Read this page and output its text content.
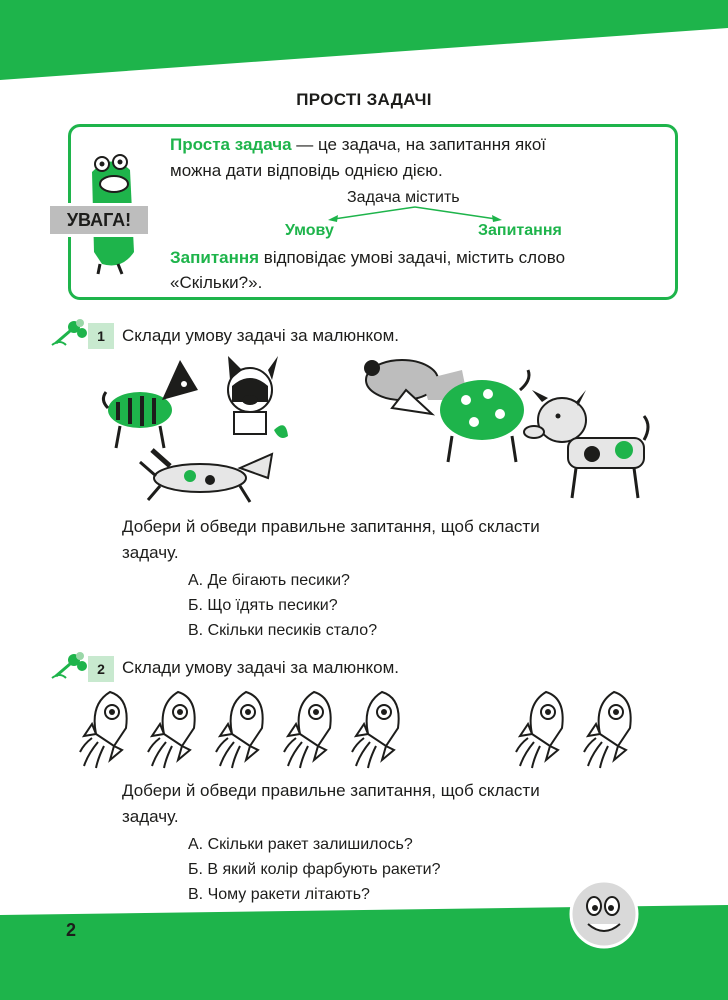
ПРОСТІ ЗАДАЧІ
УВАГА!
Проста задача — це задача, на запитання якої
можна дати відповідь однією дією.
Задача містить
Умову	Запитання
Запитання відповідає умові задачі, містить слово
«Скільки?».
1	Склади умову задачі за малюнком.
Добери й обведи правильне запитання, щоб скласти
задачу.
А. Де бігають песики?
Б. Що їдять песики?
В. Скільки песиків стало?
2	Склади умову задачі за малюнком.
Добери й обведи правильне запитання, щоб скласти
задачу.
А. Скільки ракет залишилось?
Б. В який колір фарбують ракети?
В. Чому ракети літають?
2
